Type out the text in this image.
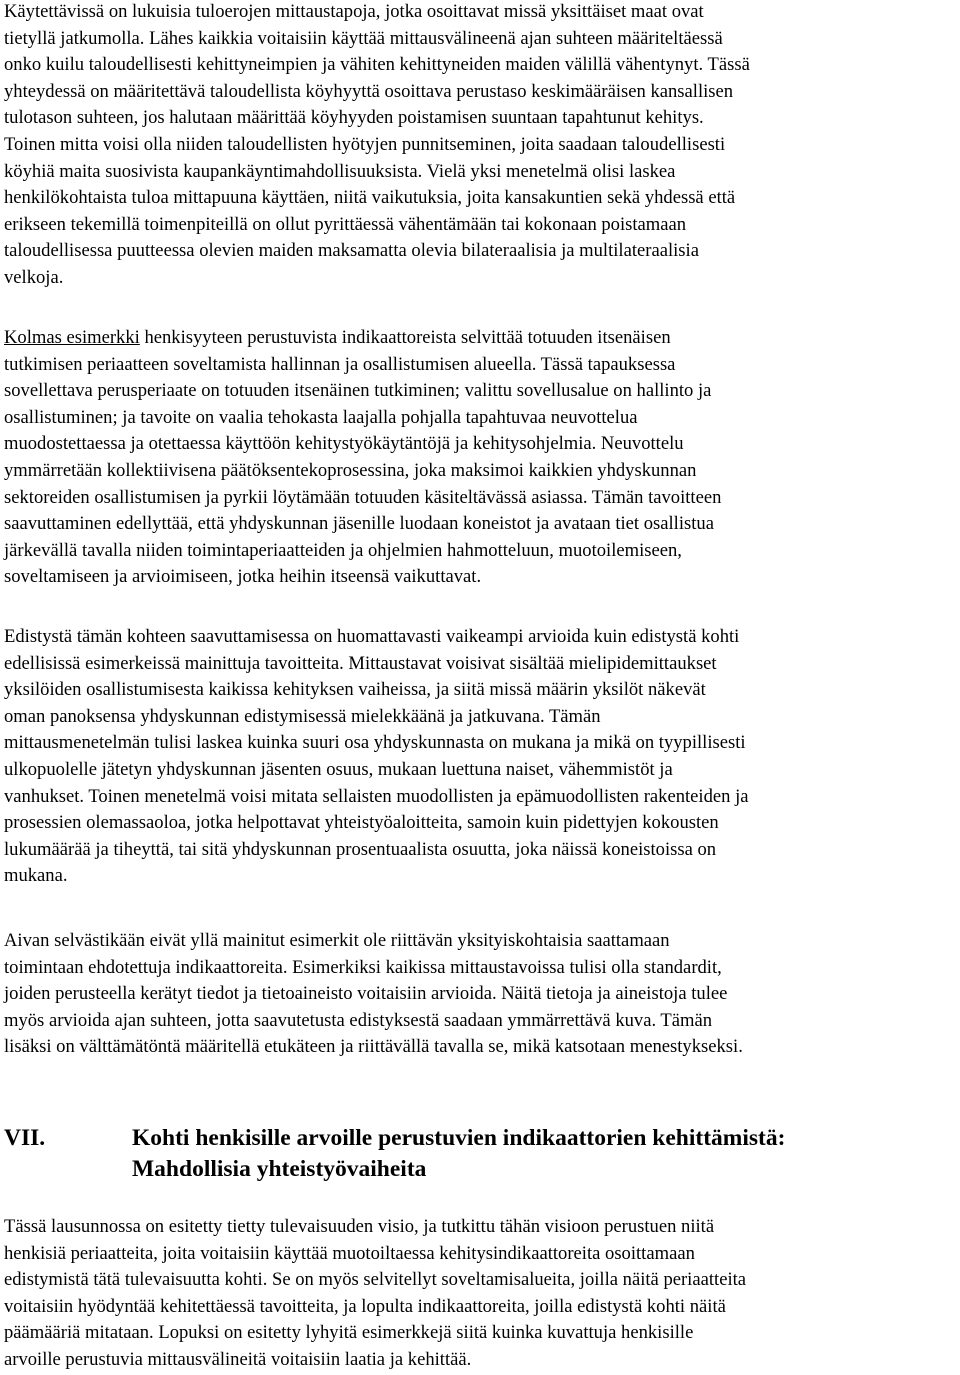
Käytettävissä on lukuisia tuloerojen mittaustapoja, jotka osoittavat missä yksittäiset maat ovat
tietyllä jatkumolla. Lähes kaikkia voitaisiin käyttää mittausvälineenä ajan suhteen määriteltäessä
onko kuilu taloudellisesti kehittyneimpien ja vähiten kehittyneiden maiden välillä vähentynyt. Tässä
yhteydessä on määritettävä taloudellista köyhyyttä osoittava perustaso keskimääräisen kansallisen
tulotason suhteen, jos halutaan määrittää köyhyyden poistamisen suuntaan tapahtunut kehitys.
Toinen mitta voisi olla niiden taloudellisten hyötyjen punnitseminen, joita saadaan taloudellisesti
köyhiä maita suosivista kaupankäyntimahdollisuuksista. Vielä yksi menetelmä olisi laskea
henkilökohtaista tuloa mittapuuna käyttäen, niitä vaikutuksia, joita kansakuntien sekä yhdessä että
erikseen tekemillä toimenpiteillä on ollut pyrittäessä vähentämään tai kokonaan poistamaan
taloudellisessa puutteessa olevien maiden maksamatta olevia bilateraalisia ja multilateraalisia
velkoja.
Kolmas esimerkki henkisyyteen perustuvista indikaattoreista selvittää totuuden itsenäisen
tutkimisen periaatteen soveltamista hallinnan ja osallistumisen alueella. Tässä tapauksessa
sovellettava perusperiaate on totuuden itsenäinen tutkiminen; valittu sovellusalue on hallinto ja
osallistuminen; ja tavoite on vaalia tehokasta laajalla pohjalla tapahtuvaa neuvottelua
muodostettaessa ja otettaessa käyttöön kehitystyökäytäntöjä ja kehitysohjelmia. Neuvottelu
ymmärretään kollektiivisena päätöksentekoprosessina, joka maksimoi kaikkien yhdyskunnan
sektoreiden osallistumisen ja pyrkii löytämään totuuden käsiteltävässä asiassa. Tämän tavoitteen
saavuttaminen edellyttää, että yhdyskunnan jäsenille luodaan koneistot ja avataan tiet osallistua
järkevällä tavalla niiden toimintaperiaatteiden ja ohjelmien hahmotteluun, muotoilemiseen,
soveltamiseen ja arvioimiseen, jotka heihin itseensä vaikuttavat.
Edistystä tämän kohteen saavuttamisessa on huomattavasti vaikeampi arvioida kuin edistystä kohti
edellisissä esimerkeissä mainittuja tavoitteita. Mittaustavat voisivat sisältää mielipidemittaukset
yksilöiden osallistumisesta kaikissa kehityksen vaiheissa, ja siitä missä määrin yksilöt näkevät
oman panoksensa yhdyskunnan edistymisessä mielekkäänä ja jatkuvana. Tämän
mittausmenetelmän tulisi laskea kuinka suuri osa yhdyskunnasta on mukana ja mikä on tyypillisesti
ulkopuolelle jätetyn yhdyskunnan jäsenten osuus, mukaan luettuna naiset, vähemmistöt ja
vanhukset. Toinen menetelmä voisi mitata sellaisten muodollisten ja epämuodollisten rakenteiden ja
prosessien olemassaoloa, jotka helpottavat yhteistyöaloitteita, samoin kuin pidettyjen kokousten
lukumäärää ja tiheyttä, tai sitä yhdyskunnan prosentuaalista osuutta, joka näissä koneistoissa on
mukana.
Aivan selvästikään eivät yllä mainitut esimerkit ole riittävän yksityiskohtaisia saattamaan
toimintaan ehdotettuja indikaattoreita. Esimerkiksi kaikissa mittaustavoissa tulisi olla standardit,
joiden perusteella kerätyt tiedot ja tietoaineisto voitaisiin arvioida. Näitä tietoja ja aineistoja tulee
myös arvioida ajan suhteen, jotta saavutetusta edistyksestä saadaan ymmärrettävä kuva. Tämän
lisäksi on välttämätöntä määritellä etukäteen ja riittävällä tavalla se, mikä katsotaan menestykseksi.
VII.	Kohti henkisille arvoille perustuvien indikaattorien kehittämistä:
Mahdollisia yhteistyövaiheita
Tässä lausunnossa on esitetty tietty tulevaisuuden visio, ja tutkittu tähän visioon perustuen niitä
henkisiä periaatteita, joita voitaisiin käyttää muotoiltaessa kehitysindikaattoreita osoittamaan
edistymistä tätä tulevaisuutta kohti. Se on myös selvitellyt soveltamisalueita, joilla näitä periaatteita
voitaisiin hyödyntää kehitettäessä tavoitteita, ja lopulta indikaattoreita, joilla edistystä kohti näitä
päämääriä mitataan. Lopuksi on esitetty lyhyitä esimerkkejä siitä kuinka kuvattuja henkisille
arvoille perustuvia mittausvälineitä voitaisiin laatia ja kehittää.
